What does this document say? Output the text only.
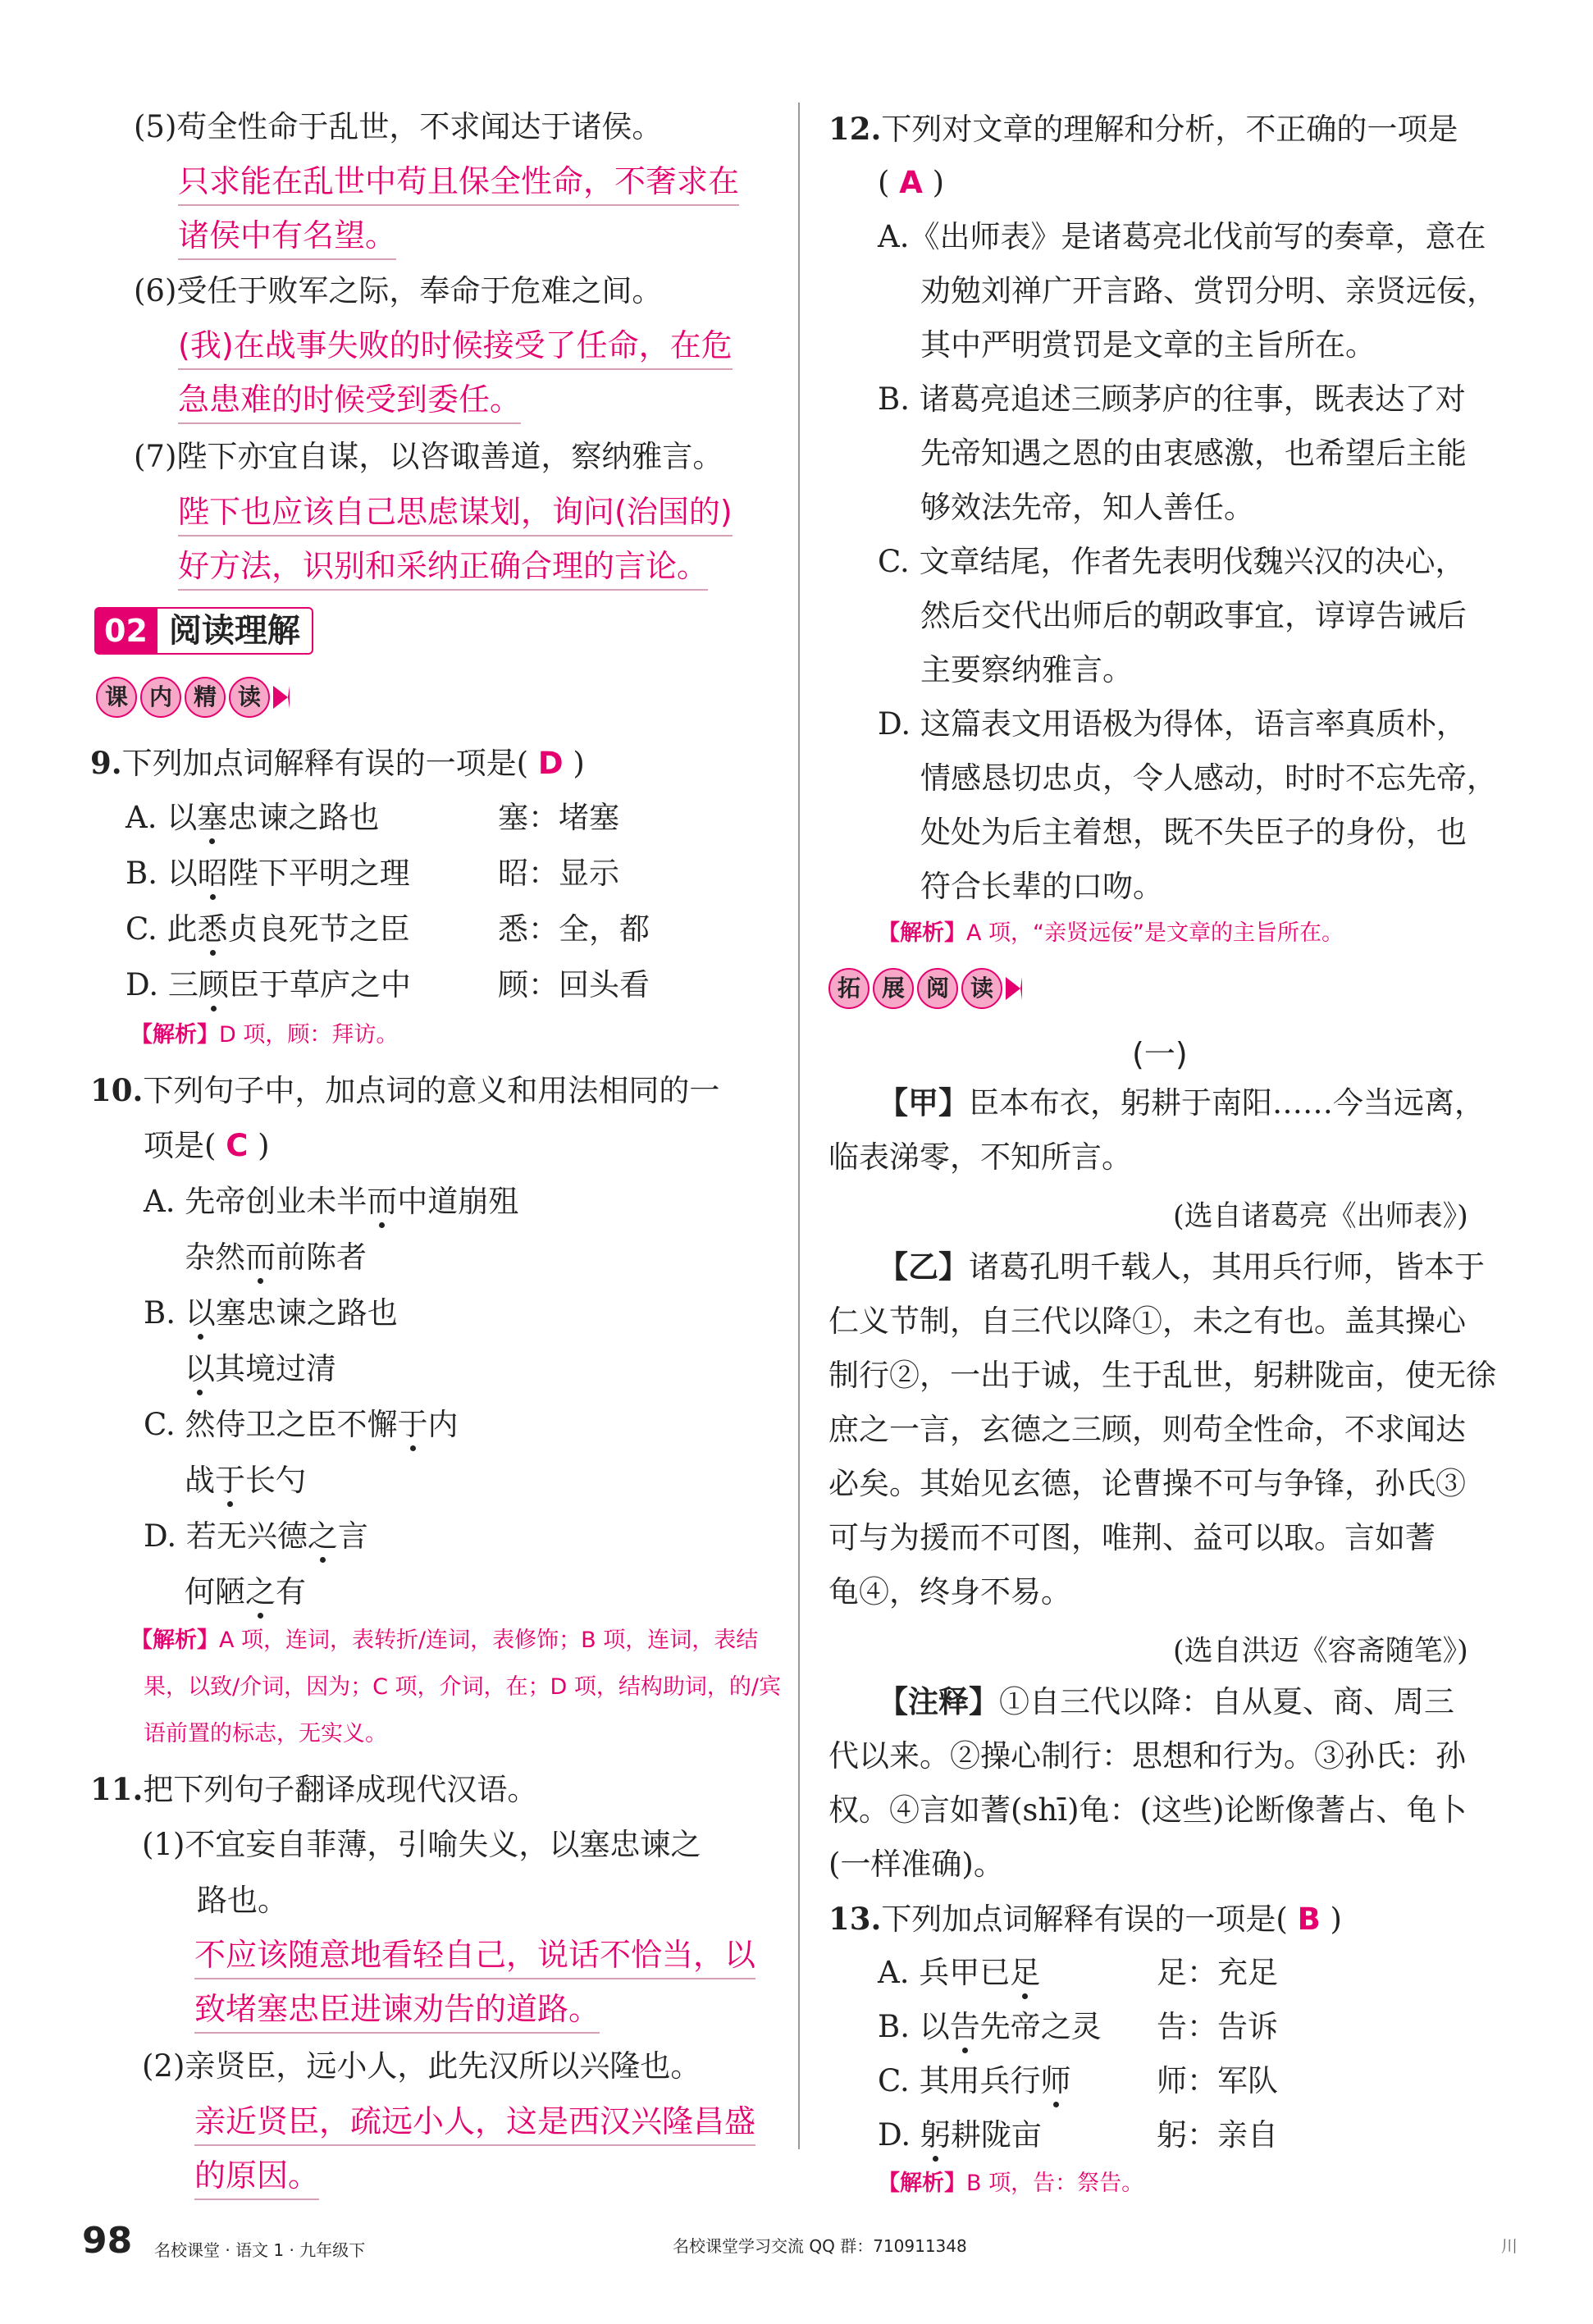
(5)苟全性命于乱世，不求闻达于诸侯。
只求能在乱世中苟且保全性命，不奢求在
诸侯中有名望。
(6)受任于败军之际，奉命于危难之间。
(我)在战事失败的时候接受了任命，在危
急患难的时候受到委任。
(7)陛下亦宜自谋，以咨诹善道，察纳雅言。
陛下也应该自己思虑谋划，询问(治国的)
好方法，识别和采纳正确合理的言论。
02 阅读理解
课 内 精 读
9.下列加点词解释有误的一项是( D )
A. 以塞忠谏之路也	塞：堵塞
B. 以昭陛下平明之理	昭：显示
C. 此悉贞良死节之臣	悉：全，都
D. 三顾臣于草庐之中	顾：回头看
【解析】D 项，顾：拜访。
10.下列句子中，加点词的意义和用法相同的一
项是( C )
A. 先帝创业未半而中道崩殂
杂然而前陈者
B. 以塞忠谏之路也
以其境过清
C. 然侍卫之臣不懈于内
战于长勺
D. 若无兴德之言
何陋之有
【解析】A 项，连词，表转折/连词，表修饰；B 项，连词，表结
果，以致/介词，因为；C 项，介词，在；D 项，结构助词，的/宾
语前置的标志，无实义。
11.把下列句子翻译成现代汉语。
(1)不宜妄自菲薄，引喻失义，以塞忠谏之
路也。
不应该随意地看轻自己，说话不恰当，以
致堵塞忠臣进谏劝告的道路。
(2)亲贤臣，远小人，此先汉所以兴隆也。
亲近贤臣，疏远小人，这是西汉兴隆昌盛
的原因。
12.下列对文章的理解和分析，不正确的一项是
( A )
A.《出师表》是诸葛亮北伐前写的奏章，意在
劝勉刘禅广开言路、赏罚分明、亲贤远佞，
其中严明赏罚是文章的主旨所在。
B. 诸葛亮追述三顾茅庐的往事，既表达了对
先帝知遇之恩的由衷感激，也希望后主能
够效法先帝，知人善任。
C. 文章结尾，作者先表明伐魏兴汉的决心，
然后交代出师后的朝政事宜，谆谆告诫后
主要察纳雅言。
D. 这篇表文用语极为得体，语言率真质朴，
情感恳切忠贞，令人感动，时时不忘先帝，
处处为后主着想，既不失臣子的身份，也
符合长辈的口吻。
【解析】A 项，“亲贤远佞”是文章的主旨所在。
拓 展 阅 读
(一)
【甲】臣本布衣，躬耕于南阳……今当远离，
临表涕零，不知所言。
(选自诸葛亮《出师表》)
【乙】诸葛孔明千载人，其用兵行师，皆本于
仁义节制，自三代以降①，未之有也。盖其操心
制行②，一出于诚，生于乱世，躬耕陇亩，使无徐
庶之一言，玄德之三顾，则苟全性命，不求闻达
必矣。其始见玄德，论曹操不可与争锋，孙氏③
可与为援而不可图，唯荆、益可以取。言如蓍
龟④，终身不易。
(选自洪迈《容斋随笔》)
【注释】①自三代以降：自从夏、商、周三
代以来。②操心制行：思想和行为。③孙氏：孙
权。④言如蓍(shī)龟：(这些)论断像蓍占、龟卜
(一样准确)。
13.下列加点词解释有误的一项是( B )
A. 兵甲已足	足：充足
B. 以告先帝之灵 告：告诉
C. 其用兵行师	师：军队
D. 躬耕陇亩	躬：亲自
【解析】B 项，告：祭告。
98 名校课堂 · 语文 1 · 九年级下	名校课堂学习交流 QQ 群：710911348	川
